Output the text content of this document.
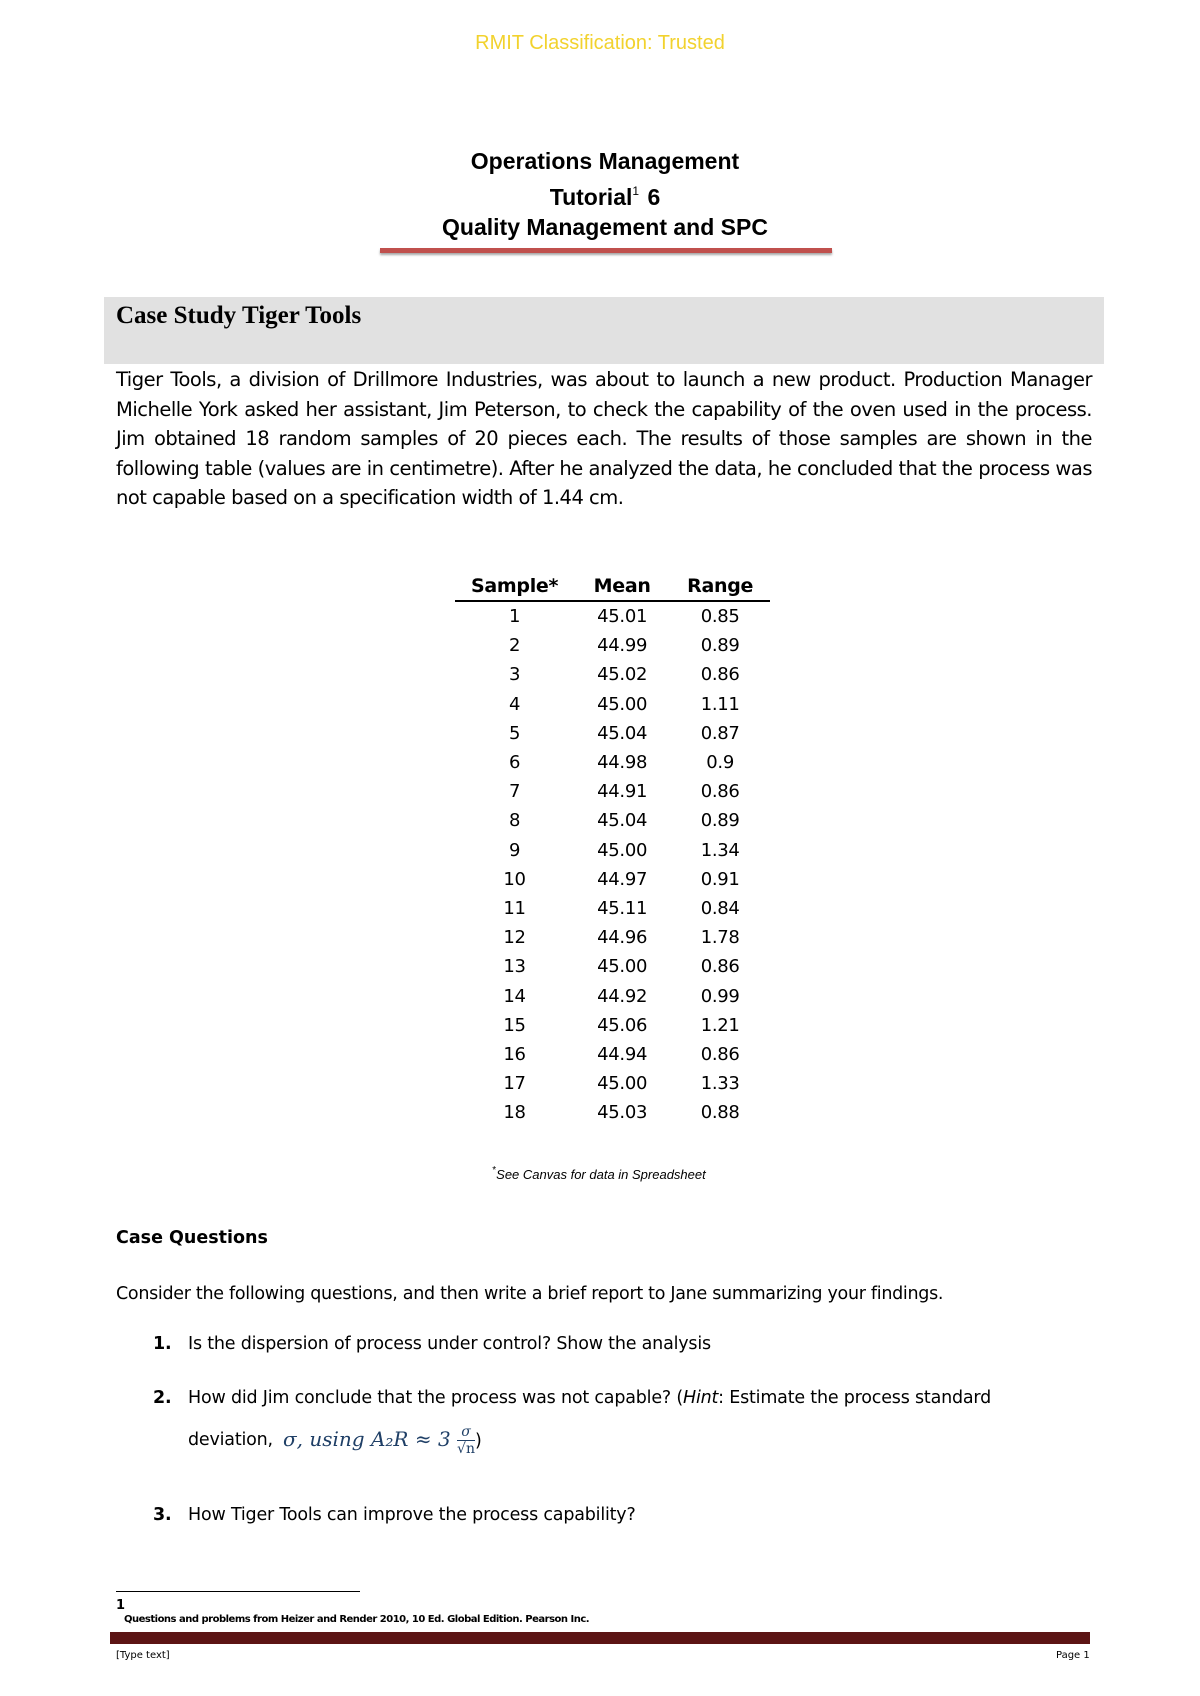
RMIT Classification: Trusted
Operations Management
Tutorial$^1$ 6
Quality Management and SPC
Case Study Tiger Tools
Tiger Tools, a division of Drillmore Industries, was about to launch a new product. Production Manager Michelle York asked her assistant, Jim Peterson, to check the capability of the oven used in the process. Jim obtained 18 random samples of 20 pieces each. The results of those samples are shown in the following table (values are in centimetre). After he analyzed the data, he concluded that the process was not capable based on a specification width of 1.44 cm.
Sample*	Mean	Range
1	45.01	0.85
2	44.99	0.89
3	45.02	0.86
4	45.00	1.11
5	45.04	0.87
6	44.98	0.9
7	44.91	0.86
8	45.04	0.89
9	45.00	1.34
10	44.97	0.91
11	45.11	0.84
12	44.96	1.78
13	45.00	0.86
14	44.92	0.99
15	45.06	1.21
16	44.94	0.86
17	45.00	1.33
18	45.03	0.88
*See Canvas for data in Spreadsheet
Case Questions
Consider the following questions, and then write a brief report to Jane summarizing your findings.
1. Is the dispersion of process under control? Show the analysis
2. How did Jim conclude that the process was not capable? (Hint: Estimate the process standard
deviation, σ, using $A_2R \approx 3 \frac{\sigma}{√n}$ )
3. How Tiger Tools can improve the process capability?
1
Questions and problems from Heizer and Render 2010, 10 Ed. Global Edition. Pearson Inc.
[Type text]	Page 1
